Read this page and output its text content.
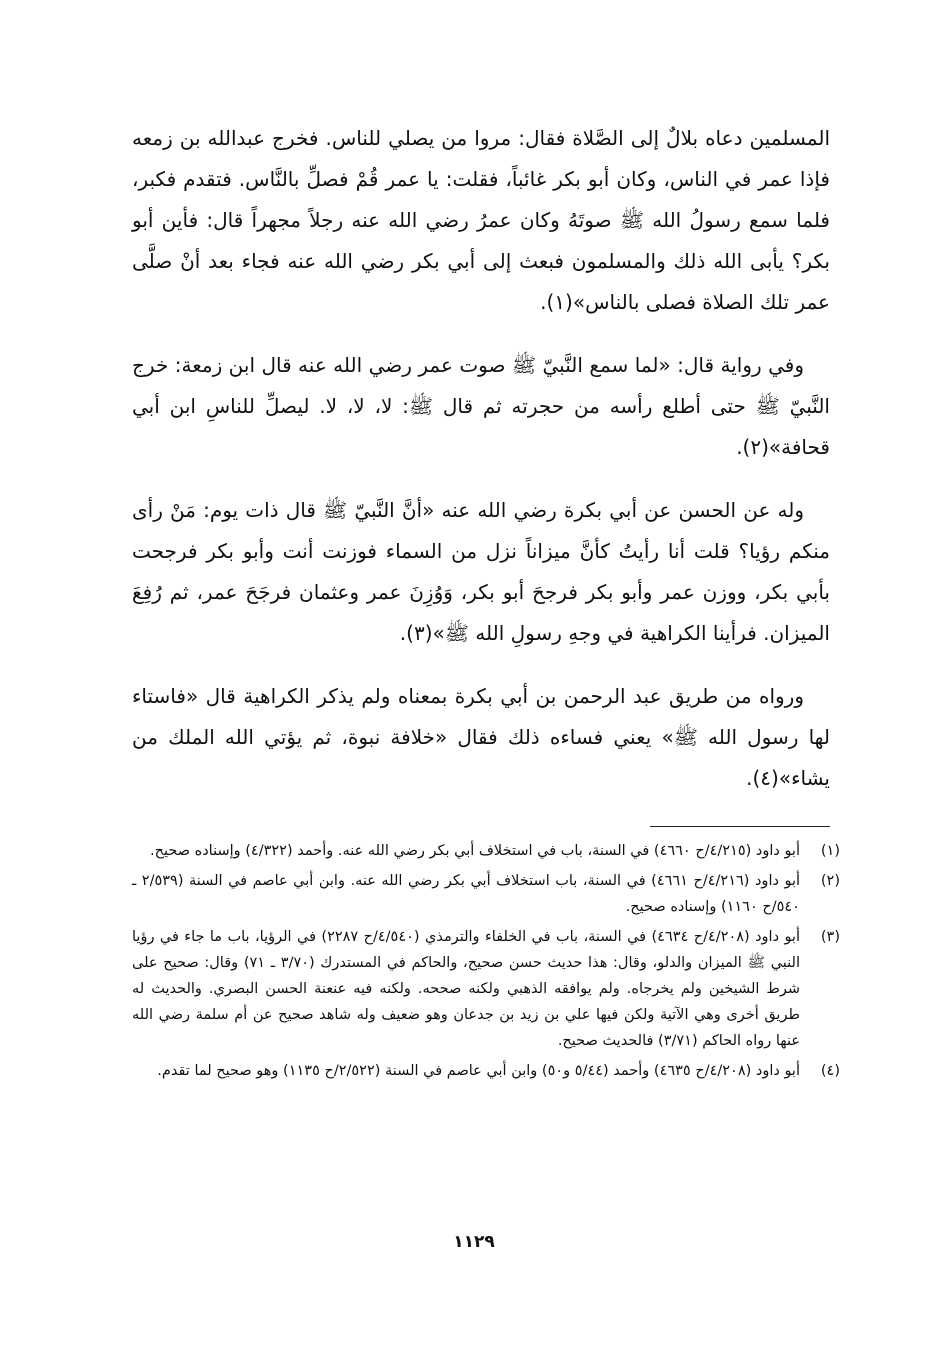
المسلمين دعاه بلالٌ إلى الصَّلاة فقال: مروا من يصلي للناس. فخرج عبدالله بن زمعه فإذا عمر في الناس، وكان أبو بكر غائباً، فقلت: يا عمر قُمْ فصلِّ بالنَّاس. فتقدم فكبر، فلما سمع رسولُ الله ﷺ صوتَهُ وكان عمرُ رضي الله عنه رجلاً مجهراً قال: فأين أبو بكر؟ يأبى الله ذلك والمسلمون فبعث إلى أبي بكر رضي الله عنه فجاء بعد أنْ صلَّى عمر تلك الصلاة فصلى بالناس»(١).

وفي رواية قال: «لما سمع النَّبيّ ﷺ صوت عمر رضي الله عنه قال ابن زمعة: خرج النَّبيّ ﷺ حتى أطلع رأسه من حجرته ثم قال ﷺ: لا، لا، لا. ليصلِّ للناسِ ابن أبي قحافة»(٢).

وله عن الحسن عن أبي بكرة رضي الله عنه «أنَّ النَّبيّ ﷺ قال ذات يوم: مَنْ رأى منكم رؤيا؟ قلت أنا رأيتُ كأنَّ ميزاناً نزل من السماء فوزنت أنت وأبو بكر فرجحت بأبي بكر، ووزن عمر وأبو بكر فرجحَ أبو بكر، وَوُزِنَ عمر وعثمان فرجَحَ عمر، ثم رُفِعَ الميزان. فرأينا الكراهية في وجهِ رسولِ الله ﷺ»(٣).

ورواه من طريق عبد الرحمن بن أبي بكرة بمعناه ولم يذكر الكراهية قال «فاستاء لها رسول الله ﷺ» يعني فساءه ذلك فقال «خلافة نبوة، ثم يؤتي الله الملك من يشاء»(٤).

(١)
أبو داود (٤/٢١٥/ح ٤٦٦٠) في السنة، باب في استخلاف أبي بكر رضي الله عنه. وأحمد (٤/٣٢٢) وإسناده صحيح.
(٢)
أبو داود (٤/٢١٦/ح ٤٦٦١) في السنة، باب استخلاف أبي بكر رضي الله عنه. وابن أبي عاصم في السنة (٢/٥٣٩ ـ ٥٤٠/ح ١١٦٠) وإسناده صحيح.
(٣)
أبو داود (٤/٢٠٨/ح ٤٦٣٤) في السنة، باب في الخلفاء والترمذي (٤/٥٤٠/ح ٢٢٨٧) في الرؤيا، باب ما جاء في رؤيا النبي ﷺ الميزان والدلو، وقال: هذا حديث حسن صحيح، والحاكم في المستدرك (٣/٧٠ ـ ٧١) وقال: صحيح على شرط الشيخين ولم يخرجاه. ولم يوافقه الذهبي ولكنه صححه. ولكنه فيه عنعنة الحسن البصري. والحديث له طريق أخرى وهي الآتية ولكن فيها علي بن زيد بن جدعان وهو ضعيف وله شاهد صحيح عن أم سلمة رضي الله عنها رواه الحاكم (٣/٧١) فالحديث صحيح.
(٤)
أبو داود (٤/٢٠٨/ح ٤٦٣٥) وأحمد (٥/٤٤ و٥٠) وابن أبي عاصم في السنة (٢/٥٢٢/ح ١١٣٥) وهو صحيح لما تقدم.
١١٢٩
